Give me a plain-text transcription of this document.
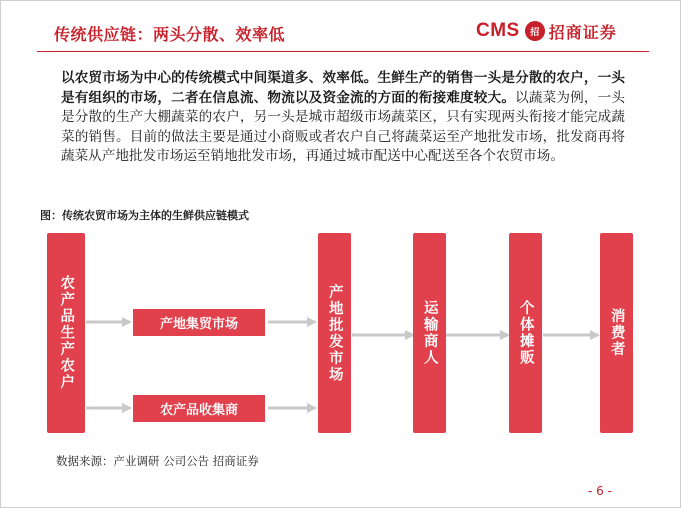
传统供应链：两头分散、效率低	CMS	招 招商证券
以农贸市场为中心的传统模式中间渠道多、效率低。生鲜生产的销售一头是分散的农户，一头是有组织的市场，二者在信息流、物流以及资金流的方面的衔接难度较大。以蔬菜为例，一头是分散的生产大棚蔬菜的农户，另一头是城市超级市场蔬菜区，只有实现两头衔接才能完成蔬菜的销售。目前的做法主要是通过小商贩或者农户自己将蔬菜运至产地批发市场，批发商再将蔬菜从产地批发市场运至销地批发市场，再通过城市配送中心配送至各个农贸市场。
图：传统农贸市场为主体的生鲜供应链模式
农产品生产农户	产地集贸市场
农产品收集商
产地批发市场	运输商人	个体摊贩	消费者
数据来源：产业调研 公司公告 招商证券
- 6 -
